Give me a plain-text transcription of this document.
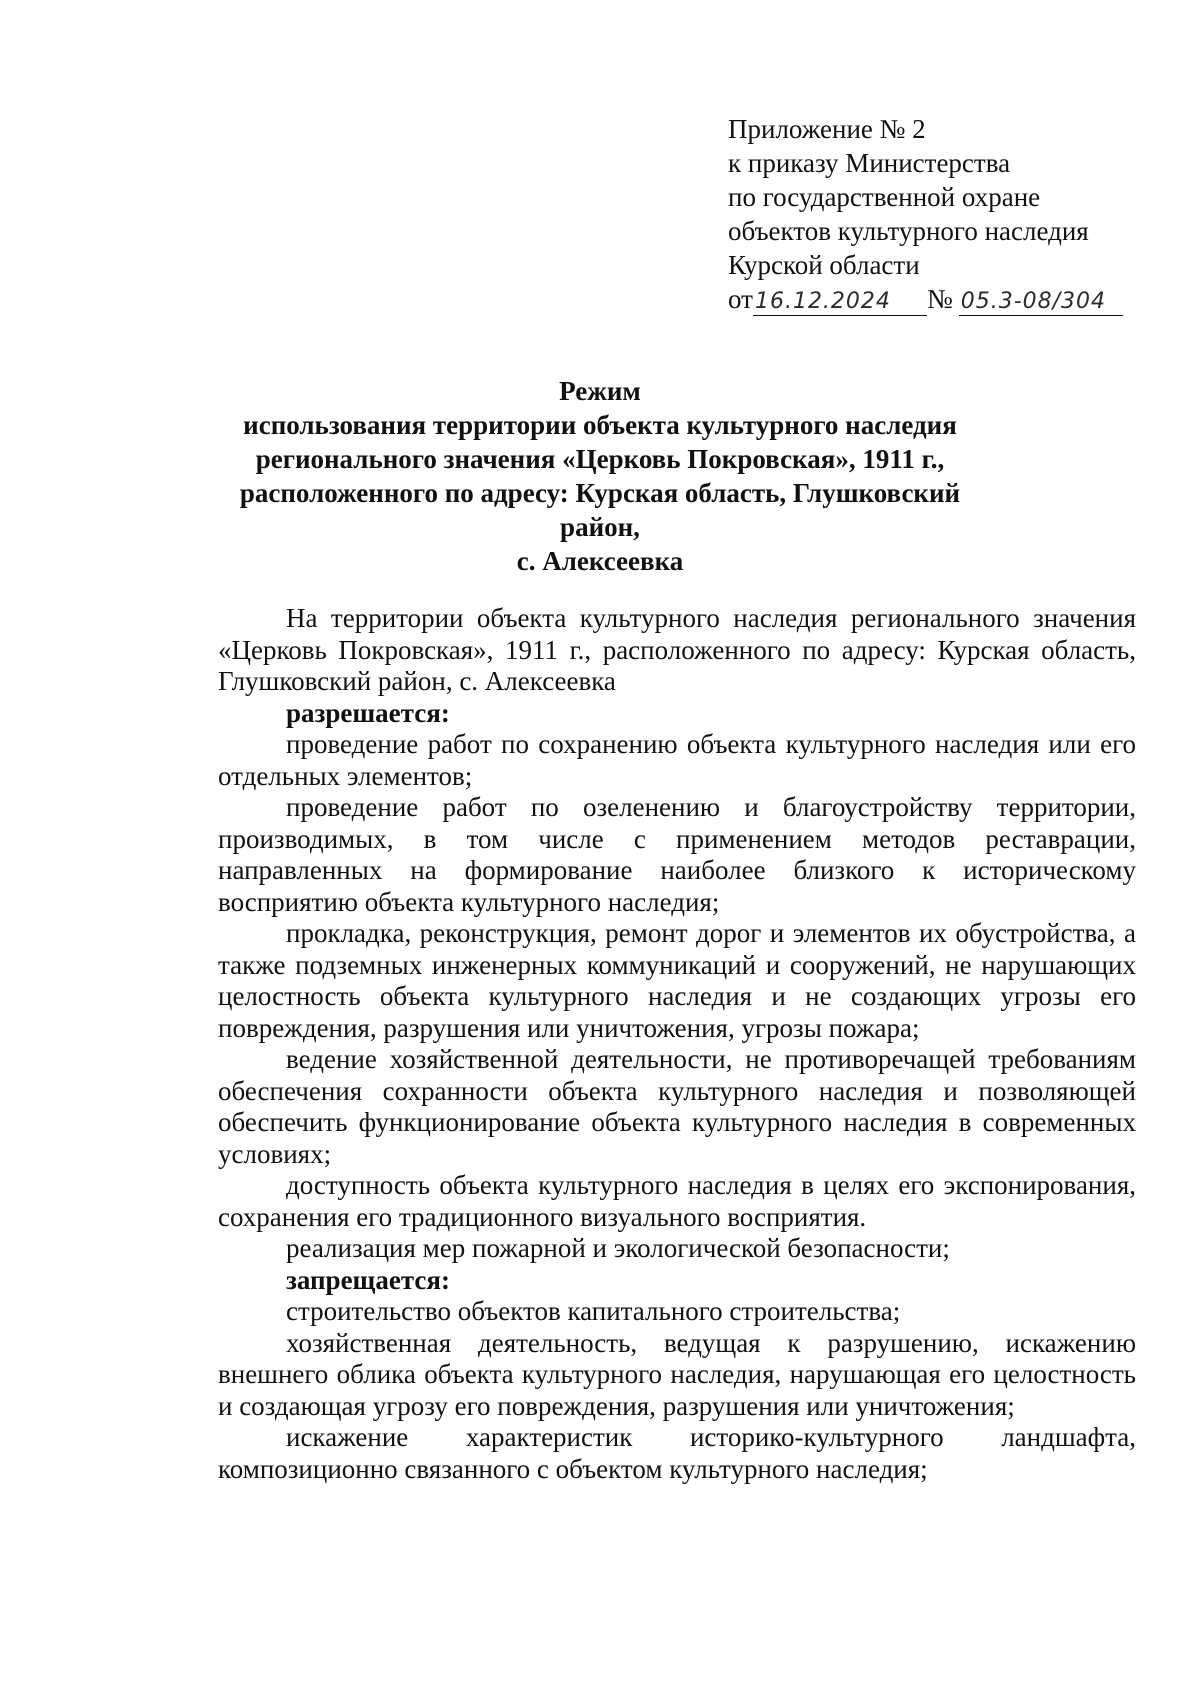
Приложение № 2
к приказу Министерства
по государственной охране
объектов культурного наследия
Курской области
от 16.12.2024	№ 05.3-08/304
Режим
использования территории объекта культурного наследия
регионального значения «Церковь Покровская», 1911 г.,
расположенного по адресу: Курская область, Глушковский район,
с. Алексеевка

На территории объекта культурного наследия регионального значения «Церковь Покровская», 1911 г., расположенного по адресу: Курская область, Глушковский район, с. Алексеевка

разрешается:

проведение работ по сохранению объекта культурного наследия или его отдельных элементов;

проведение работ по озеленению и благоустройству территории, производимых, в том числе с применением методов реставрации, направленных на формирование наиболее близкого к историческому восприятию объекта культурного наследия;

прокладка, реконструкция, ремонт дорог и элементов их обустройства, а также подземных инженерных коммуникаций и сооружений, не нарушающих целостность объекта культурного наследия и не создающих угрозы его повреждения, разрушения или уничтожения, угрозы пожара;

ведение хозяйственной деятельности, не противоречащей требованиям обеспечения сохранности объекта культурного наследия и позволяющей обеспечить функционирование объекта культурного наследия в современных условиях;

доступность объекта культурного наследия в целях его экспонирования, сохранения его традиционного визуального восприятия.

реализация мер пожарной и экологической безопасности;

запрещается:

строительство объектов капитального строительства;

хозяйственная деятельность, ведущая к разрушению, искажению внешнего облика объекта культурного наследия, нарушающая его целостность и создающая угрозу его повреждения, разрушения или уничтожения;

искажение характеристик историко-культурного ландшафта, композиционно связанного с объектом культурного наследия;
